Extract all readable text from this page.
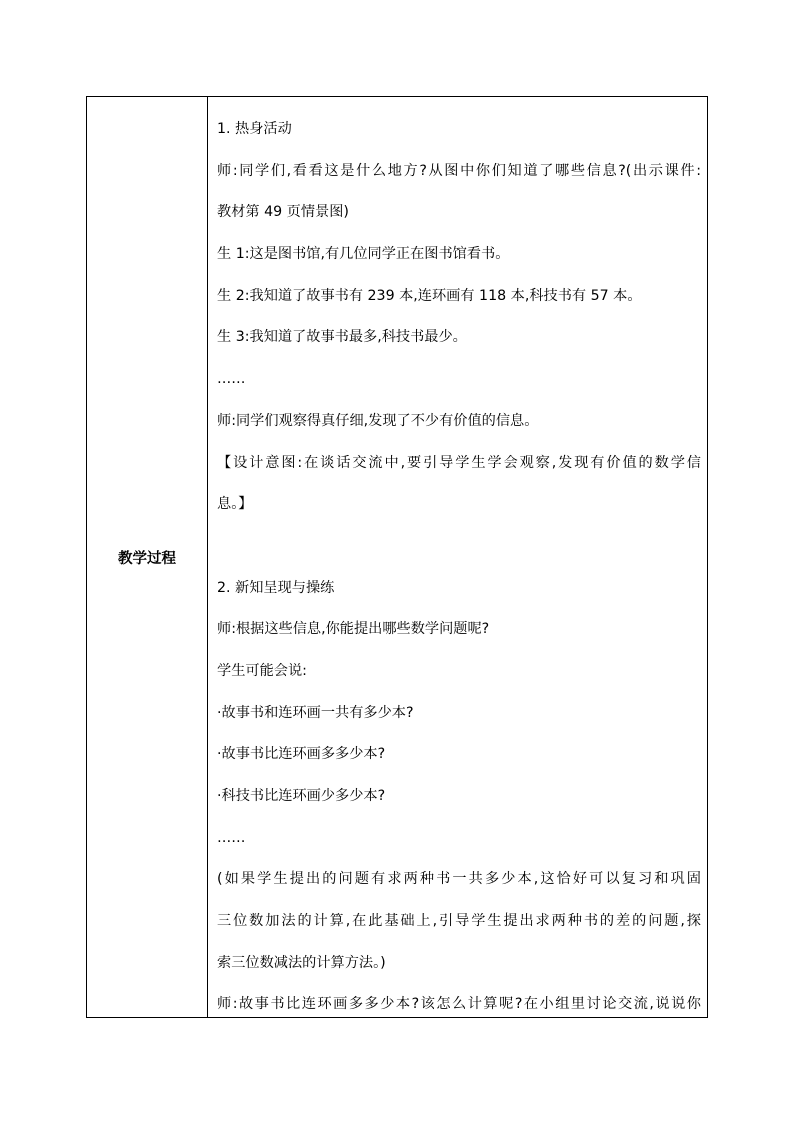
教学过程
1. 热身活动
师:同学们,看看这是什么地方?从图中你们知道了哪些信息?(出示课件:
教材第 49 页情景图)
生 1:这是图书馆,有几位同学正在图书馆看书。
生 2:我知道了故事书有 239 本,连环画有 118 本,科技书有 57 本。
生 3:我知道了故事书最多,科技书最少。
……
师:同学们观察得真仔细,发现了不少有价值的信息。
【设计意图:在谈话交流中,要引导学生学会观察,发现有价值的数学信
息。】
2. 新知呈现与操练
师:根据这些信息,你能提出哪些数学问题呢?
学生可能会说:
·故事书和连环画一共有多少本?
·故事书比连环画多多少本?
·科技书比连环画少多少本?
……
(如果学生提出的问题有求两种书一共多少本,这恰好可以复习和巩固
三位数加法的计算,在此基础上,引导学生提出求两种书的差的问题,探
索三位数减法的计算方法。)
师:故事书比连环画多多少本?该怎么计算呢?在小组里讨论交流,说说你
